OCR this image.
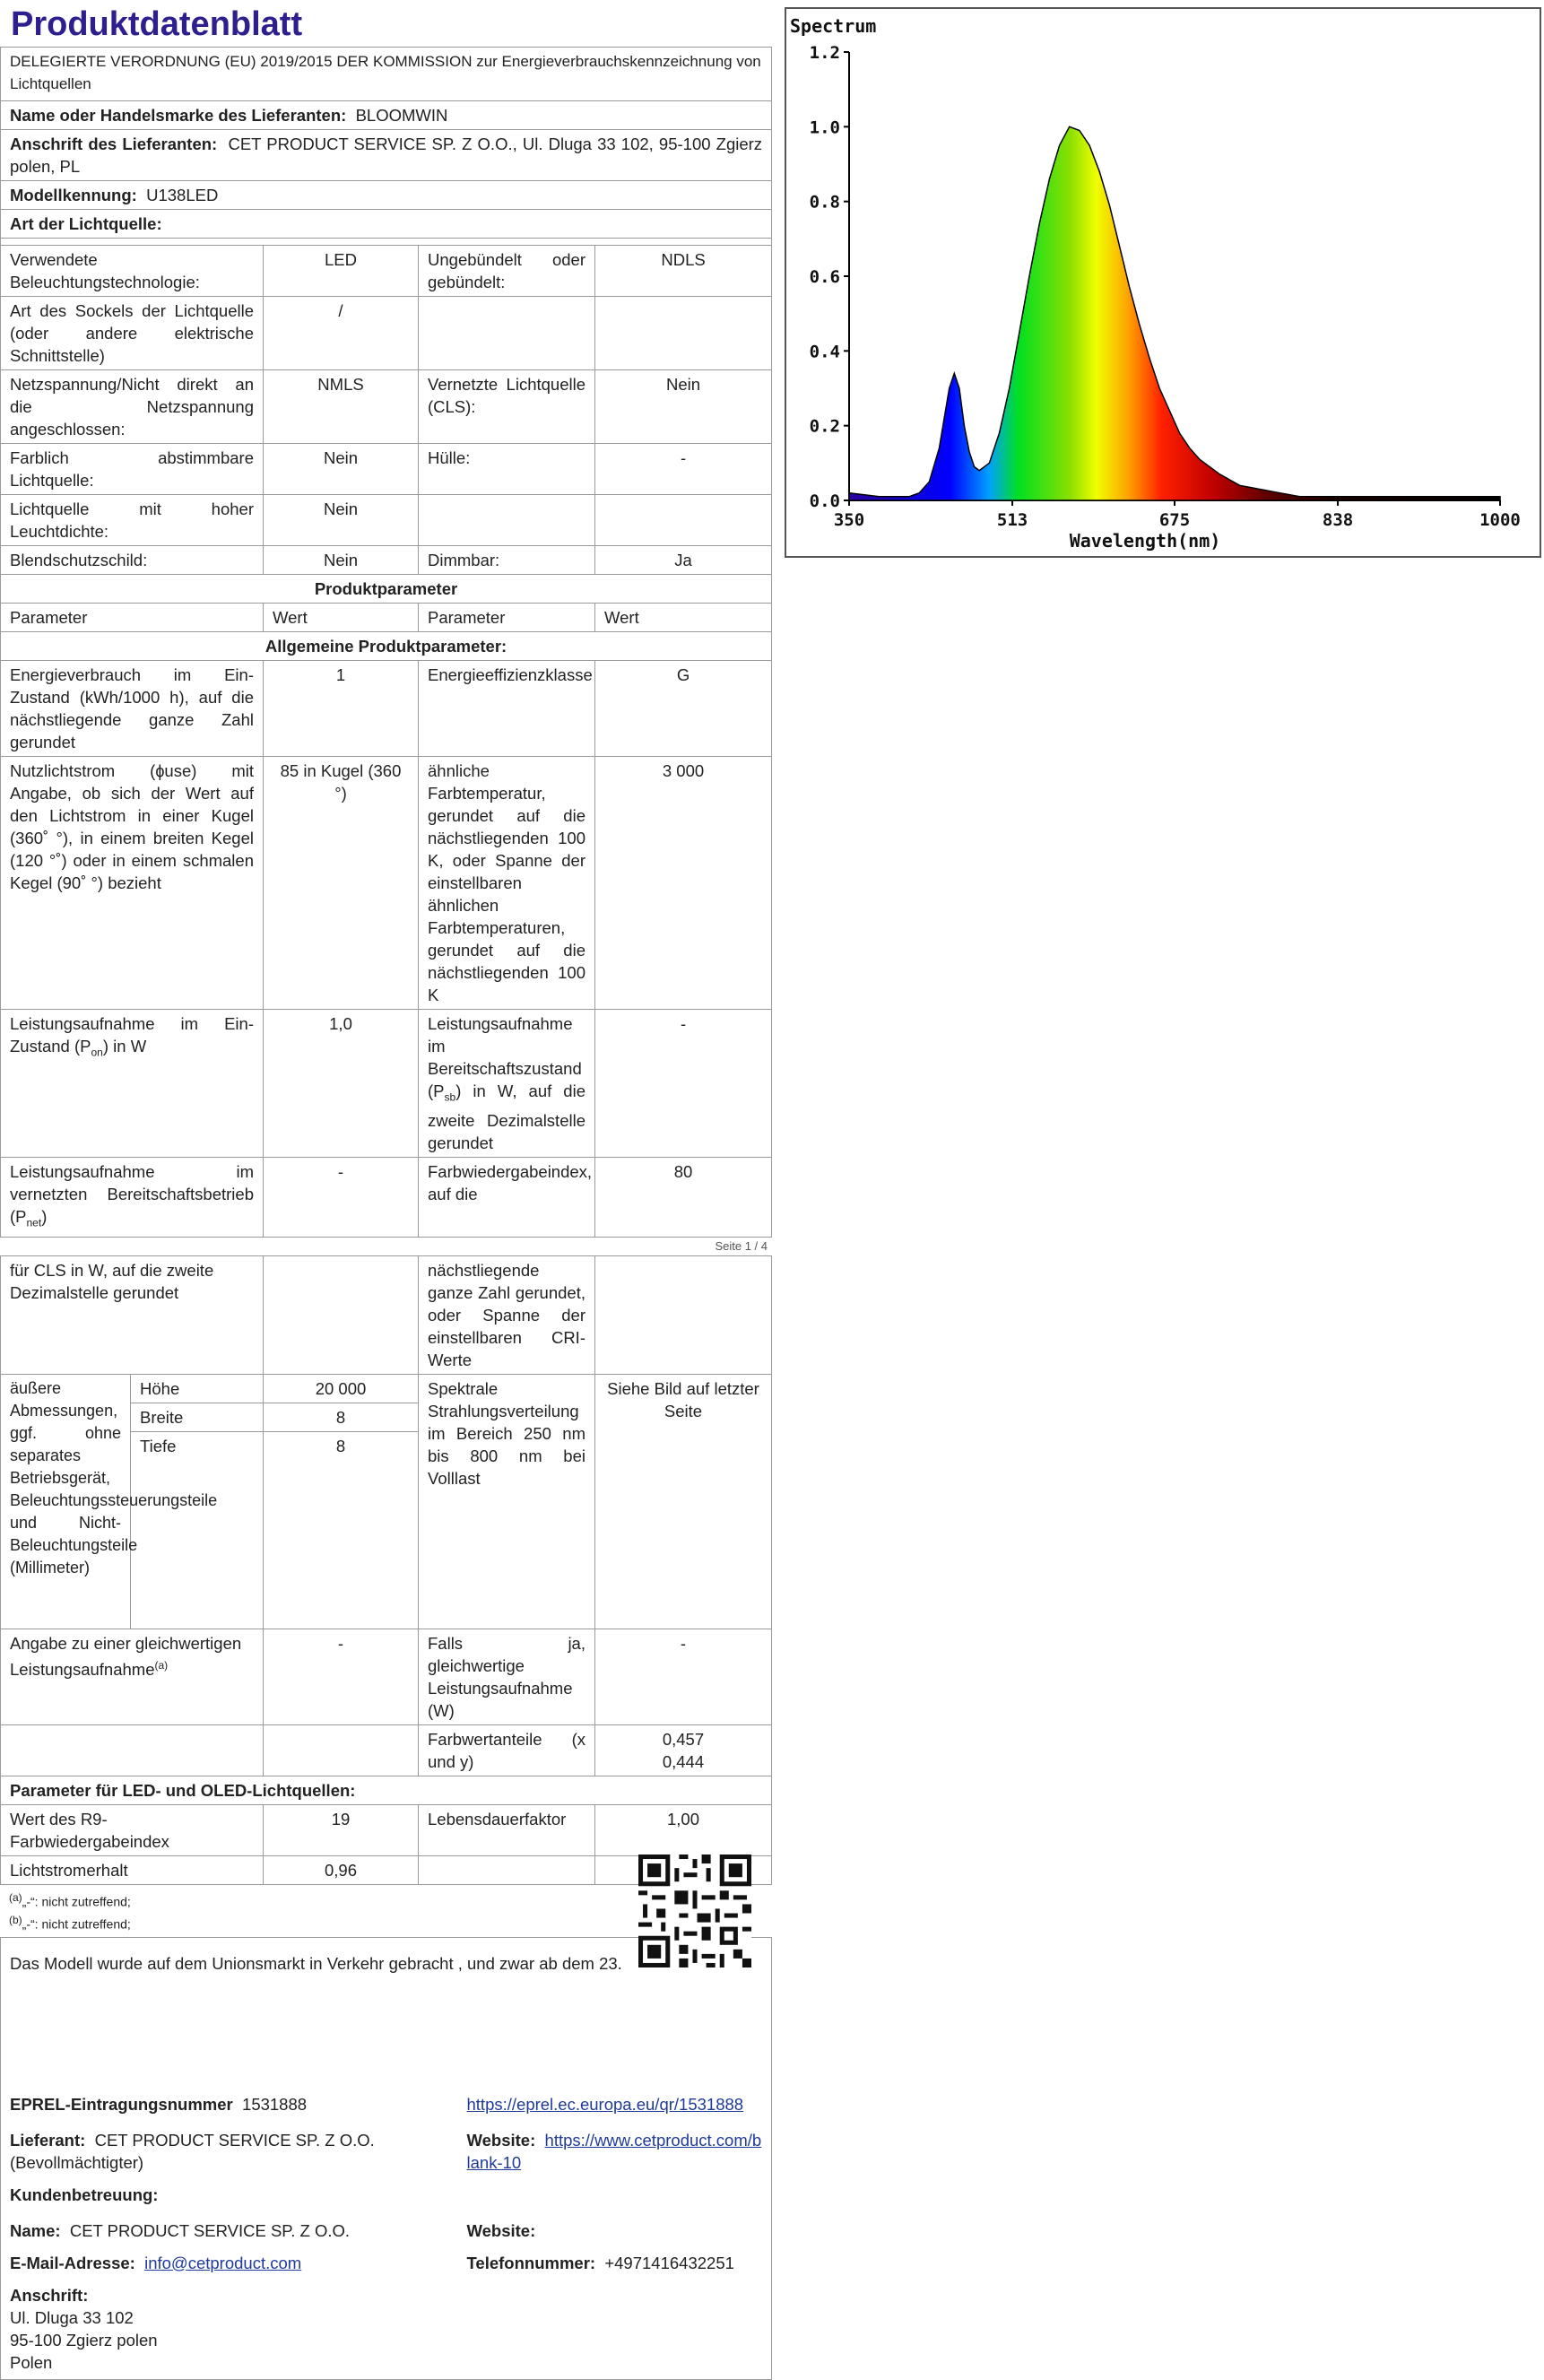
Produktdatenblatt
DELEGIERTE VERORDNUNG (EU) 2019/2015 DER KOMMISSION zur Energieverbrauchskennzeichnung von Lichtquellen			
Name oder Handelsmarke des Lieferanten: BLOOMWIN			
Anschrift des Lieferanten: CET PRODUCT SERVICE SP. Z O.O., Ul. Dluga 33 102, 95-100 Zgierz polen, PL			
Modellkennung: U138LED			
Art der Lichtquelle:			

Verwendete Beleuchtungstechnologie:	LED	Ungebündelt oder gebündelt:	NDLS
Art des Sockels der Lichtquelle (oder andere elektrische Schnittstelle)	/		
Netzspannung/Nicht direkt an die Netzspannung angeschlossen:	NMLS	Vernetzte Lichtquelle (CLS):	Nein
Farblich abstimmbare Lichtquelle:	Nein	Hülle:	-
Lichtquelle mit hoher Leuchtdichte:	Nein		
Blendschutzschild:	Nein	Dimmbar:	Ja
Produktparameter			
Parameter	Wert	Parameter	Wert
Allgemeine Produktparameter:			
Energieverbrauch im Ein-Zustand (kWh/1000 h), auf die nächstliegende ganze Zahl gerundet	1	Energieeffizienzklasse	G
Nutzlichtstrom (ɸuse) mit Angabe, ob sich der Wert auf den Lichtstrom in einer Kugel (360˚ °), in einem breiten Kegel (120 °˚) oder in einem schmalen Kegel (90˚ °) bezieht	85 in Kugel (360 °)	ähnliche Farbtemperatur, gerundet auf die nächstliegenden 100 K, oder Spanne der einstellbaren ähnlichen Farbtemperaturen, gerundet auf die nächstliegenden 100 K	3 000
Leistungsaufnahme im Ein-Zustand $(P_{on})$ in W	1,0	Leistungsaufnahme im Bereitschaftszustand $(P_{sb})$ in W, auf die zweite Dezimalstelle gerundet	-
Leistungsaufnahme im vernetzten Bereitschaftsbetrieb $(P_{net})$	-	Farbwiedergabeindex, auf die	80
Seite 1 / 4
für CLS in W, auf die zweite Dezimalstelle gerundet			nächstliegende ganze Zahl gerundet, oder Spanne der einstellbaren CRI-Werte	
äußere Abmessungen, ggf. ohne separates Betriebsgerät, Beleuchtungssteuerungsteile und Nicht-Beleuchtungsteile (Millimeter)	Höhe	20 000	Spektrale Strahlungsverteilung im Bereich 250 nm bis 800 nm bei Volllast	Siehe Bild auf letzter Seite
	Breite	8		
	Tiefe	8		
Angabe zu einer gleichwertigen Leistungsaufnahme$^{(a)}$		-	Falls ja, gleichwertige Leistungsaufnahme (W)	-
			Farbwertanteile (x und y)	0,457
0,444

Parameter für LED- und OLED-Lichtquellen:				
Wert des R9-Farbwiedergabeindex		19	Lebensdauerfaktor	1,00
Lichtstromerhalt		0,96		
$^{(a)}$„-“: nicht zutreffend;
$^{(b)}$„-“: nicht zutreffend;
Das Modell wurde auf dem Unionsmarkt in Verkehr gebracht , und zwar ab dem 23.	
EPREL-Eintragungsnummer 1531888	https://eprel.ec.europa.eu/qr/1531888
Lieferant: CET PRODUCT SERVICE SP. Z O.O. (Bevollmächtigter)	Website: https://www.cetproduct.com/blank-10
Kundenbetreuung:	
Name: CET PRODUCT SERVICE SP. Z O.O.	Website:
E-Mail-Adresse: info@cetproduct.com	Telefonnummer: +4971416432251

Anschrift:
Ul. Dluga 33 102
95-100 Zgierz polen
Polen	
Spectrum
0.0
0.2
0.4
0.6
0.8
1.0
1.2
350	513	675	838	1000
Wavelength(nm)
